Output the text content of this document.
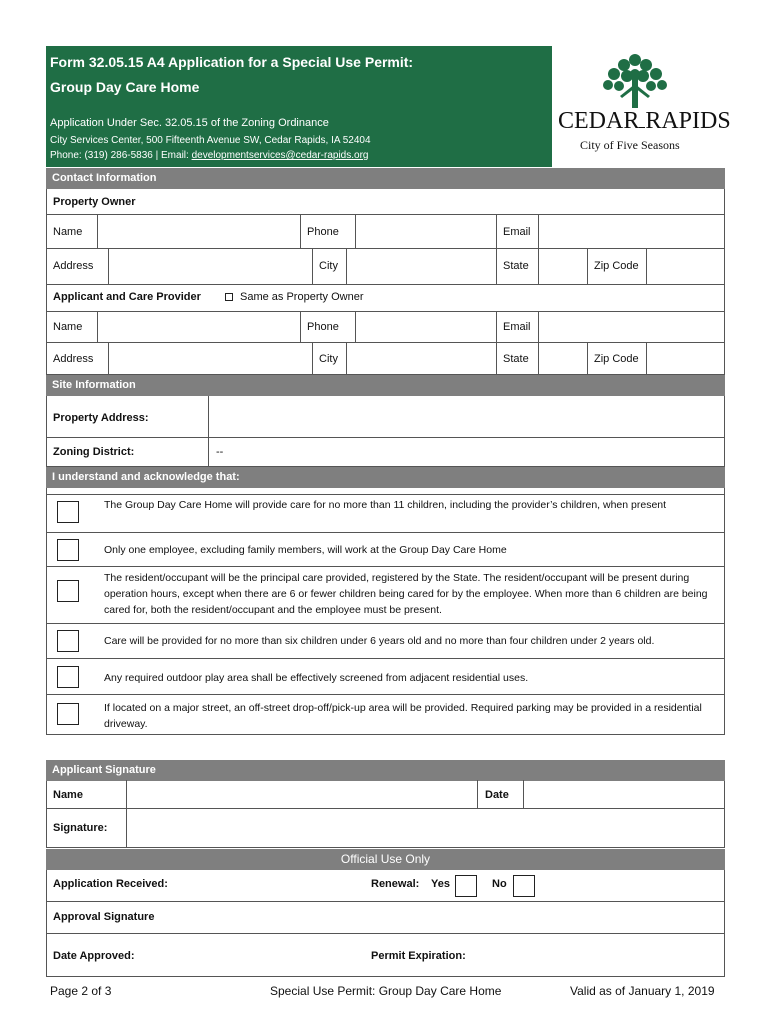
Form 32.05.15 A4 Application for a Special Use Permit:
Group Day Care Home
Application Under Sec. 32.05.15 of the Zoning Ordinance
City Services Center, 500 Fifteenth Avenue SW, Cedar Rapids, IA 52404
Phone: (319) 286-5836 | Email: developmentservices@cedar-rapids.org
CEDAR RAPIDS
City of Five Seasons
Contact Information
Property Owner
Name	Phone	Email
Address	City	State	Zip Code
Applicant and Care Provider	Same as Property Owner
Name	Phone	Email
Address	City	State	Zip Code
Site Information
Property Address:
Zoning District:	--
I understand and acknowledge that:
The Group Day Care Home will provide care for no more than 11 children, including the provider’s children, when present
Only one employee, excluding family members, will work at the Group Day Care Home
The resident/occupant will be the principal care provided, registered by the State. The resident/occupant will be present during operation hours, except when there are 6 or fewer children being cared for by the employee. When more than 6 children are being cared for, both the resident/occupant and the employee must be present.
Care will be provided for no more than six children under 6 years old and no more than four children under 2 years old.
Any required outdoor play area shall be effectively screened from adjacent residential uses.
If located on a major street, an off-street drop-off/pick-up area will be provided. Required parking may be provided in a residential driveway.
Applicant Signature
Name	Date
Signature:
Official Use Only
Application Received:	Renewal: Yes	No
Approval Signature
Date Approved:	Permit Expiration:
Page 2 of 3	Special Use Permit: Group Day Care Home	Valid as of January 1, 2019
